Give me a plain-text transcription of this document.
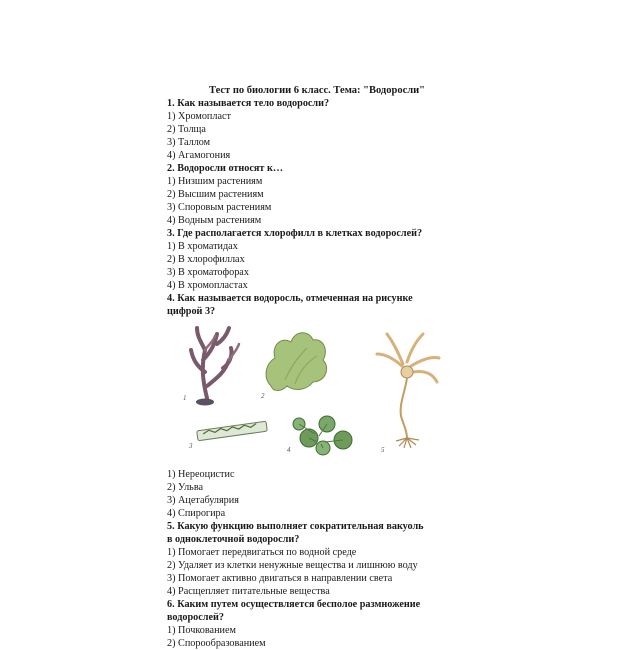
Тест по биологии 6 класс. Тема: "Водоросли"
1. Как называется тело водоросли?
1) Хромопласт
2) Толща
3) Таллом
4) Агамогония
2. Водоросли относят к…
1) Низшим растениям
2) Высшим растениям
3) Споровым растениям
4) Водным растениям
3. Где располагается хлорофилл в клетках водорослей?
1) В хроматидах
2) В хлорофиллах
3) В хроматофорах
4) В хромопластах
4. Как называется водоросль, отмеченная на рисунке
цифрой 3?
1	2
3	4	5
1) Нереоцистис
2) Ульва
3) Ацетабулярия
4) Спирогира
5. Какую функцию выполняет сократительная вакуоль
в одноклеточной водоросли?
1) Помогает передвигаться по водной среде
2) Удаляет из клетки ненужные вещества и лишнюю воду
3) Помогает активно двигаться в направлении света
4) Расщепляет питательные вещества
6. Каким путем осуществляется бесполое размножение
водорослей?
1) Почкованием
2) Спорообразованием
